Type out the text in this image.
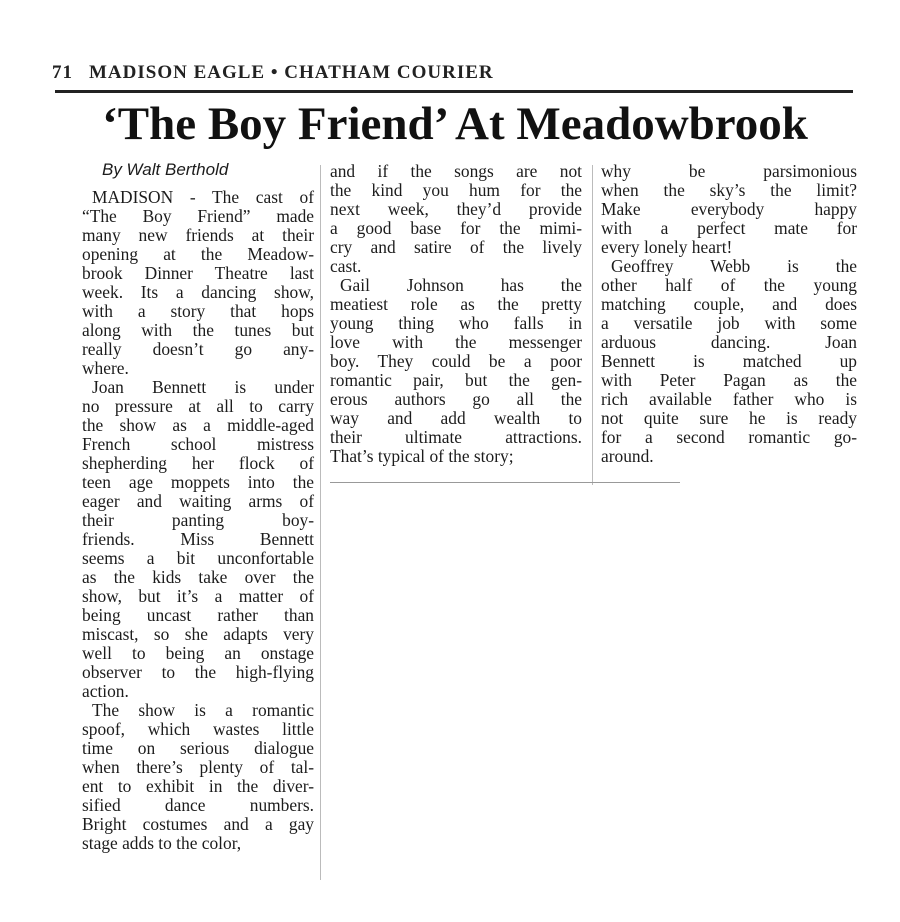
71 MADISON EAGLE • CHATHAM COURIER
‘The Boy Friend’ At Meadowbrook
By Walt Berthold
MADISON - The cast of
“The Boy Friend” made
many new friends at their
opening at the Meadow-
brook Dinner Theatre last
week. Its a dancing show,
with a story that hops
along with the tunes but
really doesn’t go any-
where.
Joan Bennett is under
no pressure at all to carry
the show as a middle-aged
French school mistress
shepherding her flock of
teen age moppets into the
eager and waiting arms of
their panting boy-
friends. Miss Bennett
seems a bit unconfortable
as the kids take over the
show, but it’s a matter of
being uncast rather than
miscast, so she adapts very
well to being an onstage
observer to the high-flying
action.
The show is a romantic
spoof, which wastes little
time on serious dialogue
when there’s plenty of tal-
ent to exhibit in the diver-
sified dance numbers.
Bright costumes and a gay
stage adds to the color,
and if the songs are not
the kind you hum for the
next week, they’d provide
a good base for the mimi-
cry and satire of the lively
cast.
Gail Johnson has the
meatiest role as the pretty
young thing who falls in
love with the messenger
boy. They could be a poor
romantic pair, but the gen-
erous authors go all the
way and add wealth to
their ultimate attractions.
That’s typical of the story;
why be parsimonious
when the sky’s the limit?
Make everybody happy
with a perfect mate for
every lonely heart!
Geoffrey Webb is the
other half of the young
matching couple, and does
a versatile job with some
arduous dancing. Joan
Bennett is matched up
with Peter Pagan as the
rich available father who is
not quite sure he is ready
for a second romantic go-
around.
